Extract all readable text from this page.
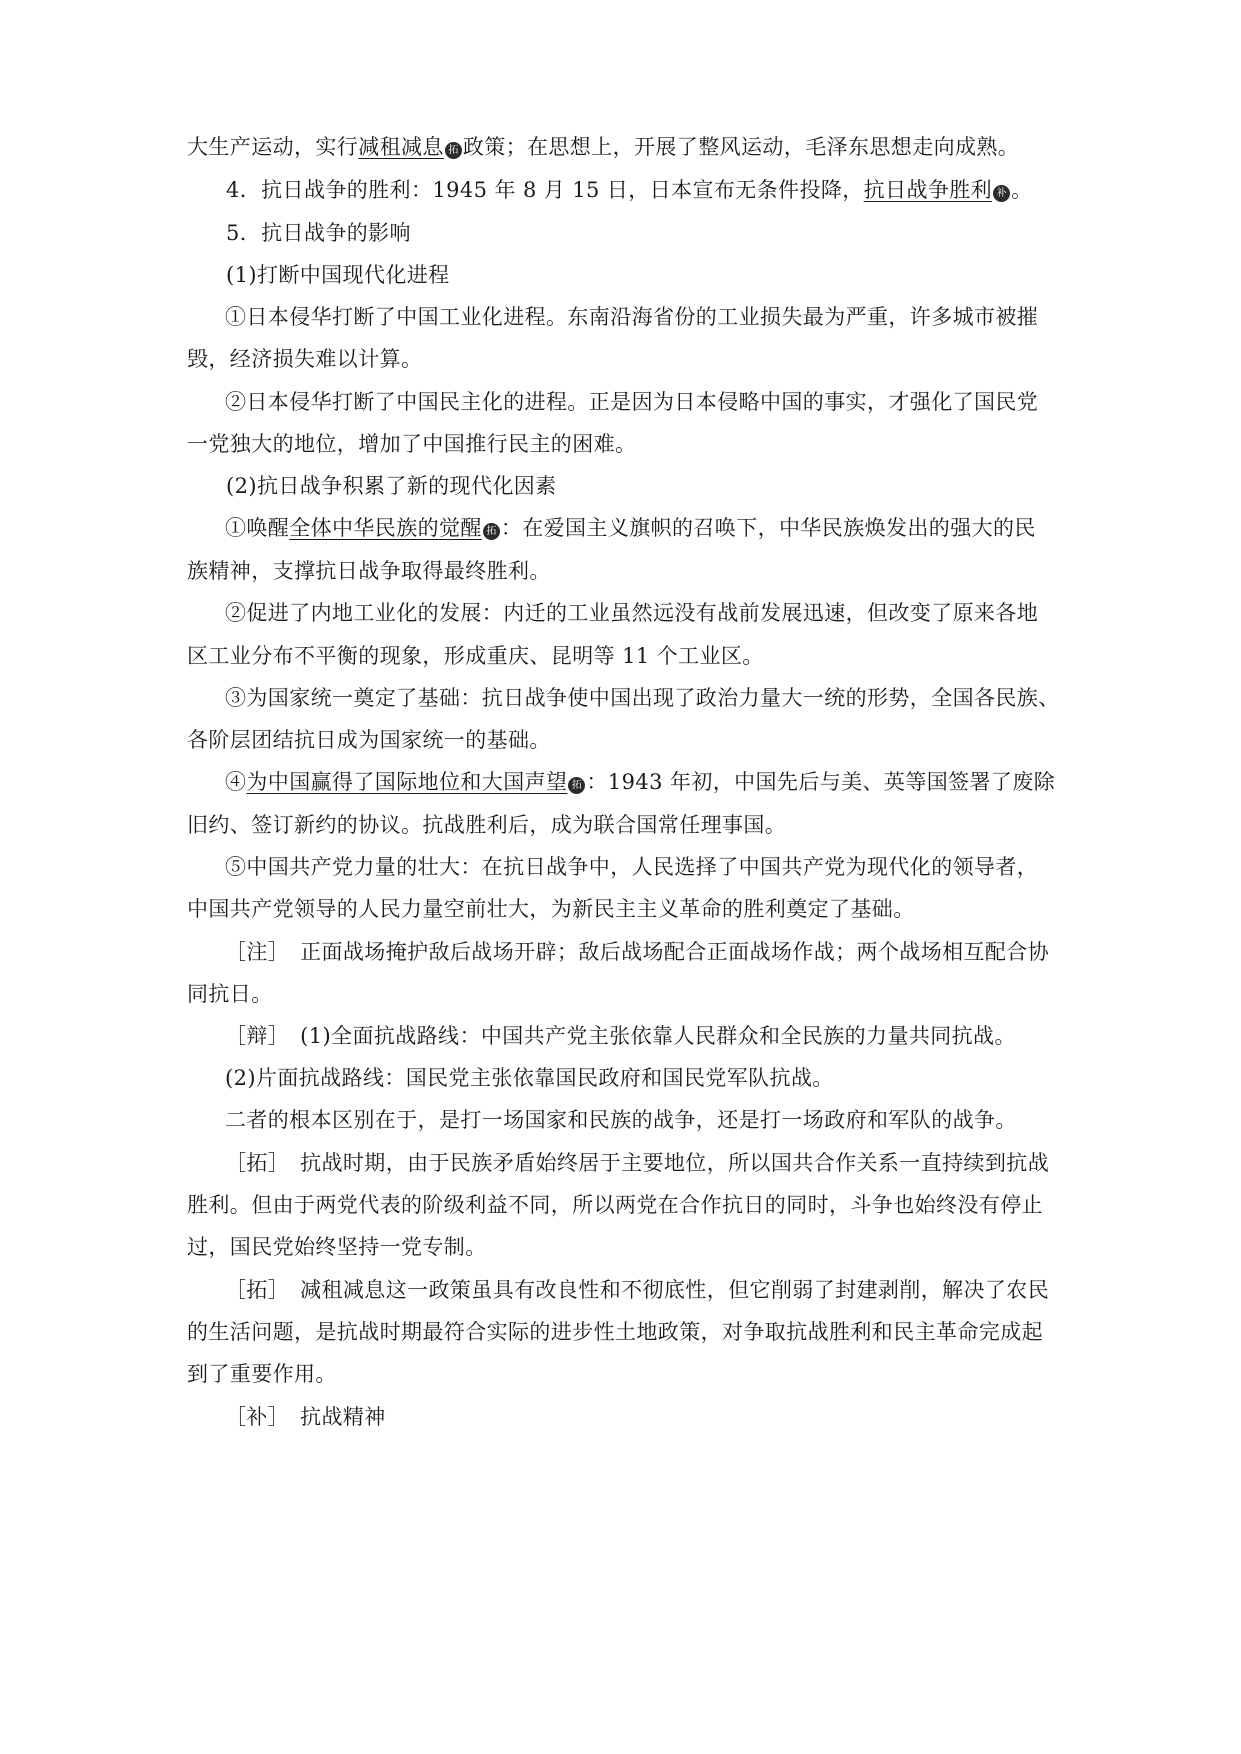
大生产运动，实行减租减息 拓 政策；在思想上，开展了整风运动，毛泽东思想走向成熟。
4．抗日战争的胜利：1945 年 8 月 15 日，日本宣布无条件投降，抗日战争胜利 补 。
5．抗日战争的影响
(1)打断中国现代化进程
①日本侵华打断了中国工业化进程。东南沿海省份的工业损失最为严重，许多城市被摧
毁，经济损失难以计算。
②日本侵华打断了中国民主化的进程。正是因为日本侵略中国的事实，才强化了国民党
一党独大的地位，增加了中国推行民主的困难。
(2)抗日战争积累了新的现代化因素
①唤醒全体中华民族的觉醒 拓 ：在爱国主义旗帜的召唤下，中华民族焕发出的强大的民
族精神，支撑抗日战争取得最终胜利。
②促进了内地工业化的发展：内迁的工业虽然远没有战前发展迅速，但改变了原来各地
区工业分布不平衡的现象，形成重庆、昆明等 11 个工业区。
③为国家统一奠定了基础：抗日战争使中国出现了政治力量大一统的形势，全国各民族、
各阶层团结抗日成为国家统一的基础。
④为中国赢得了国际地位和大国声望 拓 ：1943 年初，中国先后与美、英等国签署了废除
旧约、签订新约的协议。抗战胜利后，成为联合国常任理事国。
⑤中国共产党力量的壮大：在抗日战争中，人民选择了中国共产党为现代化的领导者，
中国共产党领导的人民力量空前壮大，为新民主主义革命的胜利奠定了基础。
［注］　正面战场掩护敌后战场开辟；敌后战场配合正面战场作战；两个战场相互配合协
同抗日。
［辩］　(1)全面抗战路线：中国共产党主张依靠人民群众和全民族的力量共同抗战。
(2)片面抗战路线：国民党主张依靠国民政府和国民党军队抗战。
二者的根本区别在于，是打一场国家和民族的战争，还是打一场政府和军队的战争。
［拓］　抗战时期，由于民族矛盾始终居于主要地位，所以国共合作关系一直持续到抗战
胜利。但由于两党代表的阶级利益不同，所以两党在合作抗日的同时，斗争也始终没有停止
过，国民党始终坚持一党专制。
［拓］　减租减息这一政策虽具有改良性和不彻底性，但它削弱了封建剥削，解决了农民
的生活问题，是抗战时期最符合实际的进步性土地政策，对争取抗战胜利和民主革命完成起
到了重要作用。
［补］　抗战精神
